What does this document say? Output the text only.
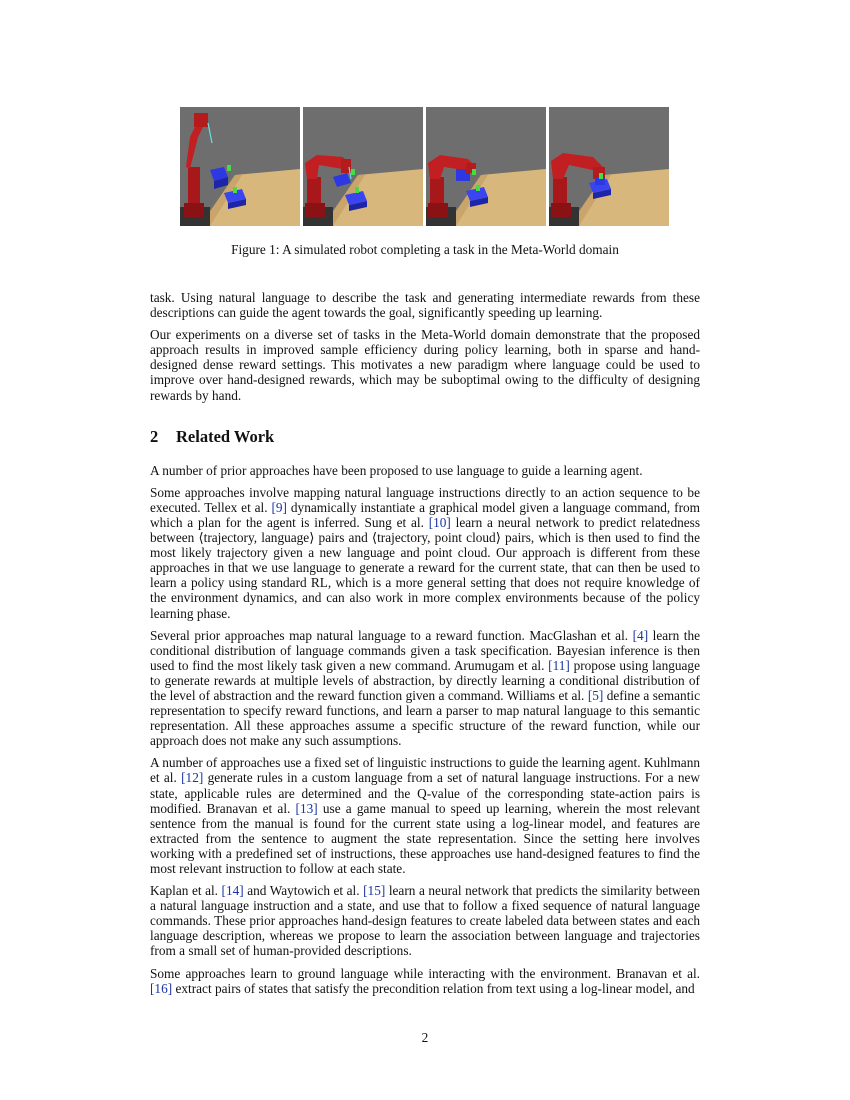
Figure 1: A simulated robot completing a task in the Meta-World domain

task. Using natural language to describe the task and generating intermediate rewards from these descriptions can guide the agent towards the goal, significantly speeding up learning.

Our experiments on a diverse set of tasks in the Meta-World domain demonstrate that the proposed approach results in improved sample efficiency during policy learning, both in sparse and hand-designed dense reward settings. This motivates a new paradigm where language could be used to improve over hand-designed rewards, which may be suboptimal owing to the difficulty of designing rewards by hand.

2 Related Work

A number of prior approaches have been proposed to use language to guide a learning agent.

Some approaches involve mapping natural language instructions directly to an action sequence to be executed. Tellex et al. [9] dynamically instantiate a graphical model given a language command, from which a plan for the agent is inferred. Sung et al. [10] learn a neural network to predict relatedness between ⟨trajectory, language⟩ pairs and ⟨trajectory, point cloud⟩ pairs, which is then used to find the most likely trajectory given a new language and point cloud. Our approach is different from these approaches in that we use language to generate a reward for the current state, that can then be used to learn a policy using standard RL, which is a more general setting that does not require knowledge of the environment dynamics, and can also work in more complex environments because of the policy learning phase.

Several prior approaches map natural language to a reward function. MacGlashan et al. [4] learn the conditional distribution of language commands given a task specification. Bayesian inference is then used to find the most likely task given a new command. Arumugam et al. [11] propose using language to generate rewards at multiple levels of abstraction, by directly learning a conditional distribution of the level of abstraction and the reward function given a command. Williams et al. [5] define a semantic representation to specify reward functions, and learn a parser to map natural language to this semantic representation. All these approaches assume a specific structure of the reward function, while our approach does not make any such assumptions.

A number of approaches use a fixed set of linguistic instructions to guide the learning agent. Kuhlmann et al. [12] generate rules in a custom language from a set of natural language instructions. For a new state, applicable rules are determined and the Q-value of the corresponding state-action pairs is modified. Branavan et al. [13] use a game manual to speed up learning, wherein the most relevant sentence from the manual is found for the current state using a log-linear model, and features are extracted from the sentence to augment the state representation. Since the setting here involves working with a predefined set of instructions, these approaches use hand-designed features to find the most relevant instruction to follow at each state.

Kaplan et al. [14] and Waytowich et al. [15] learn a neural network that predicts the similarity between a natural language instruction and a state, and use that to follow a fixed sequence of natural language commands. These prior approaches hand-design features to create labeled data between states and each language description, whereas we propose to learn the association between language and trajectories from a small set of human-provided descriptions.

Some approaches learn to ground language while interacting with the environment. Branavan et al. [16] extract pairs of states that satisfy the precondition relation from text using a log-linear model, and

2
